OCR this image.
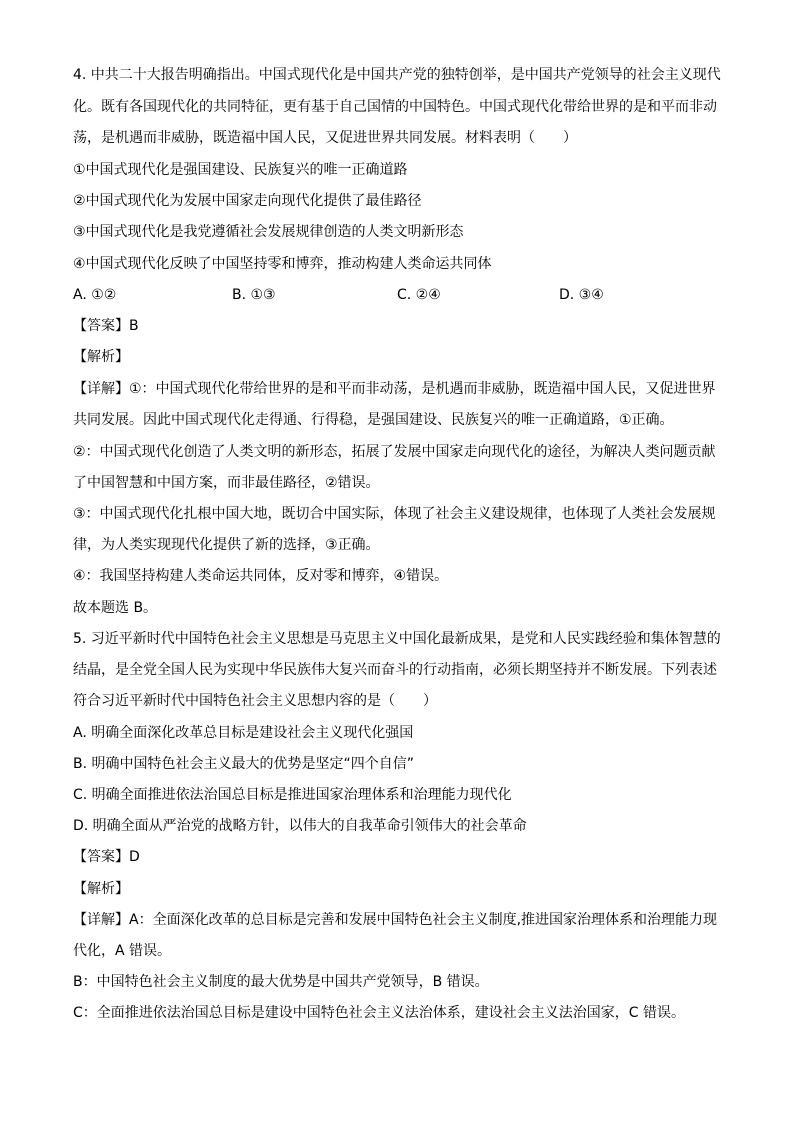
4. 中共二十大报告明确指出。中国式现代化是中国共产党的独特创举，是中国共产党领导的社会主义现代
化。既有各国现代化的共同特征，更有基于自己国情的中国特色。中国式现代化带给世界的是和平而非动
荡，是机遇而非威胁，既造福中国人民，又促进世界共同发展。材料表明（　　）
①中国式现代化是强国建设、民族复兴的唯一正确道路
②中国式现代化为发展中国家走向现代化提供了最佳路径
③中国式现代化是我党遵循社会发展规律创造的人类文明新形态
④中国式现代化反映了中国坚持零和博弈，推动构建人类命运共同体
A. ①②	B. ①③	C. ②④	D. ③④
【答案】B
【解析】
【详解】①：中国式现代化带给世界的是和平而非动荡，是机遇而非威胁，既造福中国人民，又促进世界
共同发展。因此中国式现代化走得通、行得稳，是强国建设、民族复兴的唯一正确道路，①正确。
②：中国式现代化创造了人类文明的新形态，拓展了发展中国家走向现代化的途径，为解决人类问题贡献
了中国智慧和中国方案，而非最佳路径，②错误。
③：中国式现代化扎根中国大地，既切合中国实际，体现了社会主义建设规律，也体现了人类社会发展规
律，为人类实现现代化提供了新的选择，③正确。
④：我国坚持构建人类命运共同体，反对零和博弈，④错误。
故本题选 B。
5. 习近平新时代中国特色社会主义思想是马克思主义中国化最新成果，是党和人民实践经验和集体智慧的
结晶，是全党全国人民为实现中华民族伟大复兴而奋斗的行动指南，必须长期坚持并不断发展。下列表述
符合习近平新时代中国特色社会主义思想内容的是（　　）
A. 明确全面深化改革总目标是建设社会主义现代化强国
B. 明确中国特色社会主义最大的优势是坚定“四个自信”
C. 明确全面推进依法治国总目标是推进国家治理体系和治理能力现代化
D. 明确全面从严治党的战略方针，以伟大的自我革命引领伟大的社会革命
【答案】D
【解析】
【详解】A：全面深化改革的总目标是完善和发展中国特色社会主义制度,推进国家治理体系和治理能力现
代化，A 错误。
B：中国特色社会主义制度的最大优势是中国共产党领导，B 错误。
C：全面推进依法治国总目标是建设中国特色社会主义法治体系，建设社会主义法治国家，C 错误。
